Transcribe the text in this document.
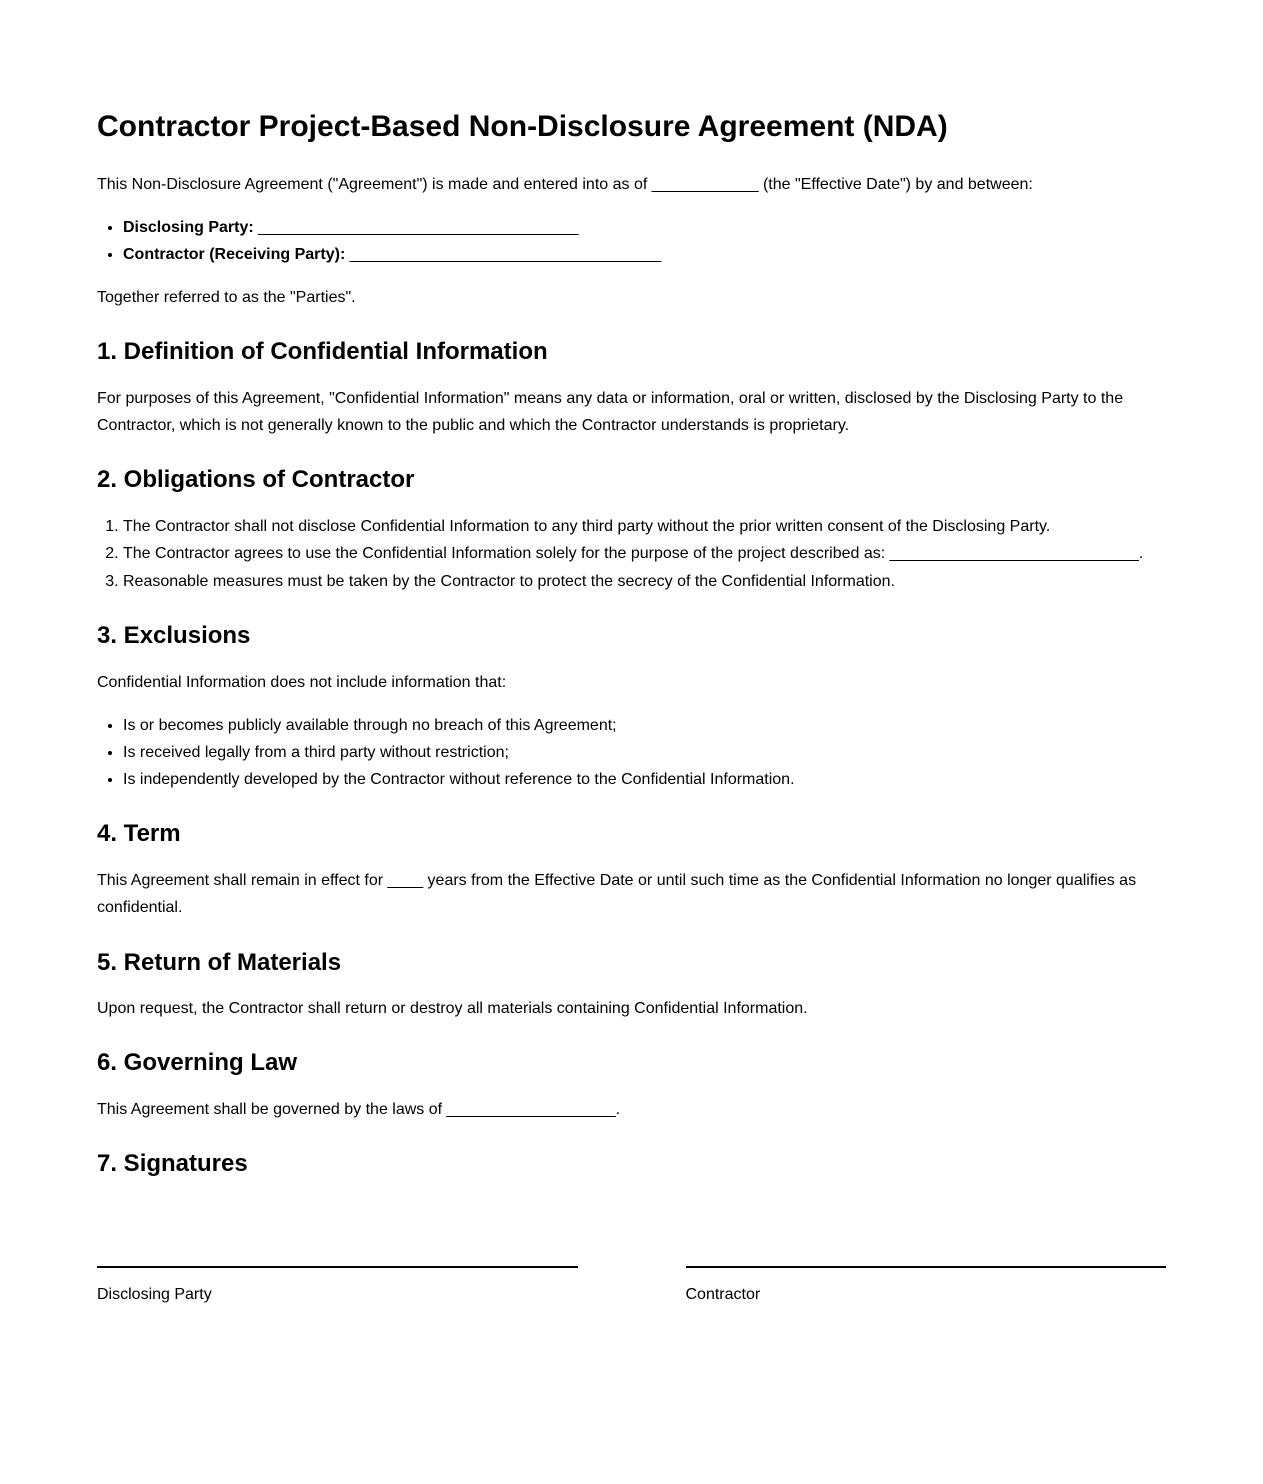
Contractor Project-Based Non-Disclosure Agreement (NDA)

This Non-Disclosure Agreement ("Agreement") is made and entered into as of ____________ (the "Effective Date") by and between:

• Disclosing Party: ____________________________________
• Contractor (Receiving Party): ___________________________________

Together referred to as the "Parties".

1. Definition of Confidential Information

For purposes of this Agreement, "Confidential Information" means any data or information, oral or written, disclosed by the Disclosing Party to the Contractor, which is not generally known to the public and which the Contractor understands is proprietary.

2. Obligations of Contractor
1. The Contractor shall not disclose Confidential Information to any third party without the prior written consent of the Disclosing Party.
2. The Contractor agrees to use the Confidential Information solely for the purpose of the project described as: ____________________________.
3. Reasonable measures must be taken by the Contractor to protect the secrecy of the Confidential Information.
3. Exclusions

Confidential Information does not include information that:

• Is or becomes publicly available through no breach of this Agreement;
• Is received legally from a third party without restriction;
• Is independently developed by the Contractor without reference to the Confidential Information.
4. Term

This Agreement shall remain in effect for ____ years from the Effective Date or until such time as the Confidential Information no longer qualifies as confidential.

5. Return of Materials

Upon request, the Contractor shall return or destroy all materials containing Confidential Information.

6. Governing Law

This Agreement shall be governed by the laws of ___________________.

7. Signatures
Disclosing Party	Contractor
